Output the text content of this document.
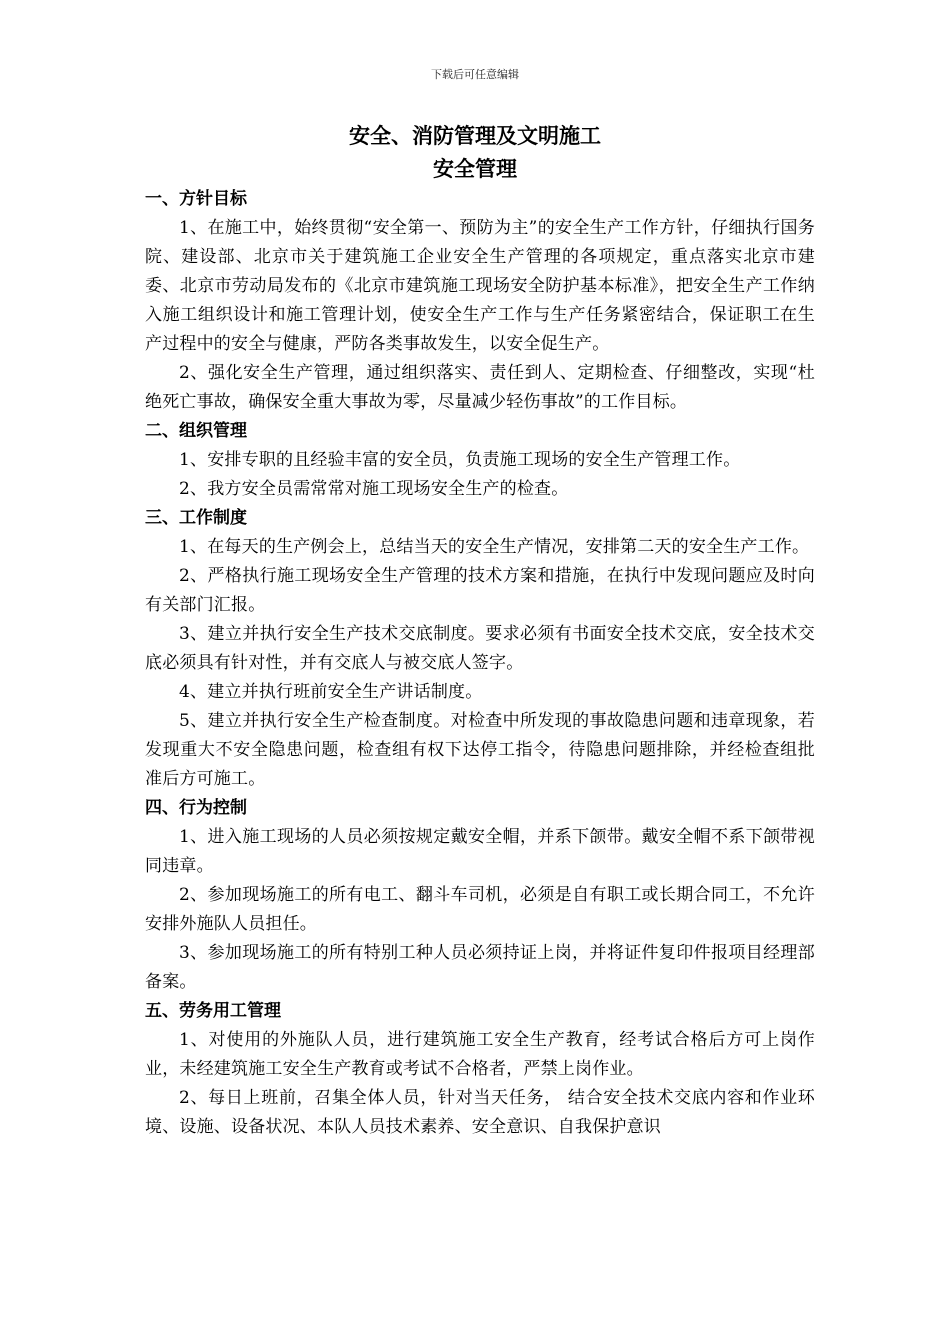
下载后可任意编辑
安全、消防管理及文明施工
安全管理

一、方针目标

1、在施工中，始终贯彻“安全第一、预防为主”的安全生产工作方针，仔细执行国务院、建设部、北京市关于建筑施工企业安全生产管理的各项规定，重点落实北京市建委、北京市劳动局发布的《北京市建筑施工现场安全防护基本标准》，把安全生产工作纳入施工组织设计和施工管理计划，使安全生产工作与生产任务紧密结合，保证职工在生产过程中的安全与健康，严防各类事故发生，以安全促生产。

2、强化安全生产管理，通过组织落实、责任到人、定期检查、仔细整改，实现“杜绝死亡事故，确保安全重大事故为零，尽量减少轻伤事故”的工作目标。

二、组织管理

1、安排专职的且经验丰富的安全员，负责施工现场的安全生产管理工作。

2、我方安全员需常常对施工现场安全生产的检查。

三、工作制度

1、在每天的生产例会上，总结当天的安全生产情况，安排第二天的安全生产工作。

2、严格执行施工现场安全生产管理的技术方案和措施，在执行中发现问题应及时向有关部门汇报。

3、建立并执行安全生产技术交底制度。要求必须有书面安全技术交底，安全技术交底必须具有针对性，并有交底人与被交底人签字。

4、建立并执行班前安全生产讲话制度。

5、建立并执行安全生产检查制度。对检查中所发现的事故隐患问题和违章现象，若发现重大不安全隐患问题，检查组有权下达停工指令，待隐患问题排除，并经检查组批准后方可施工。

四、行为控制

1、进入施工现场的人员必须按规定戴安全帽，并系下颌带。戴安全帽不系下颌带视同违章。

2、参加现场施工的所有电工、翻斗车司机，必须是自有职工或长期合同工，不允许安排外施队人员担任。

3、参加现场施工的所有特别工种人员必须持证上岗，并将证件复印件报项目经理部备案。

五、劳务用工管理

1、对使用的外施队人员，进行建筑施工安全生产教育，经考试合格后方可上岗作业，未经建筑施工安全生产教育或考试不合格者，严禁上岗作业。

2、每日上班前，召集全体人员，针对当天任务， 结合安全技术交底内容和作业环境、设施、设备状况、本队人员技术素养、安全意识、自我保护意识
